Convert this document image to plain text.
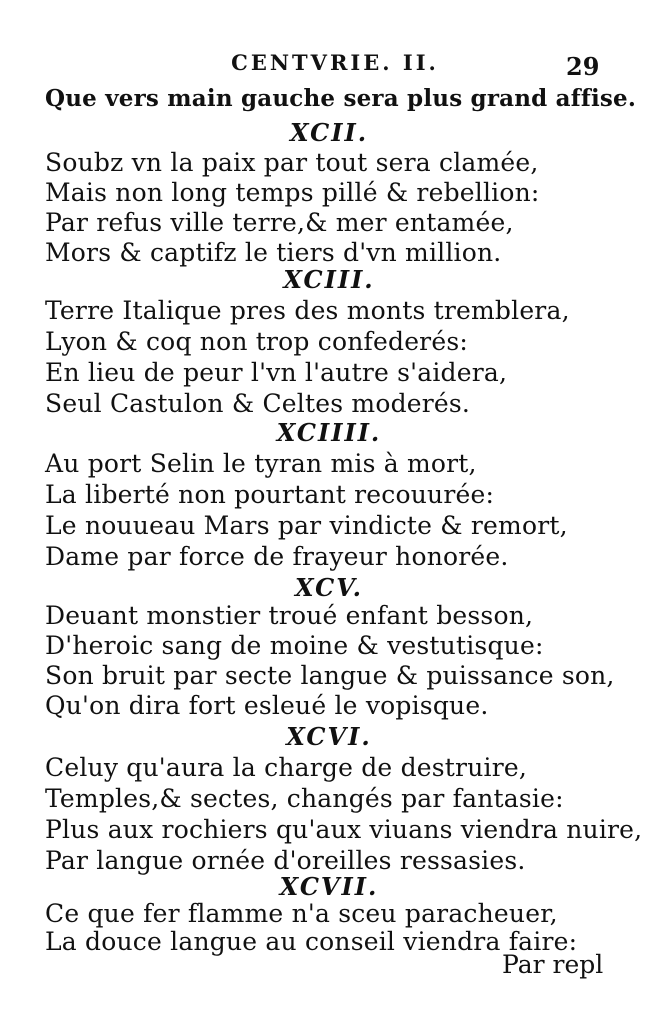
CENTVRIE. II.	29
Que vers main gauche sera plus grand affise.
XCII.
Soubz vn la paix par tout sera clamée,
Mais non long temps pillé & rebellion:
Par refus ville terre,& mer entamée,
Mors & captifz le tiers d'vn million.
XCIII.
Terre Italique pres des monts tremblera,
Lyon & coq non trop confederés:
En lieu de peur l'vn l'autre s'aidera,
Seul Castulon & Celtes moderés.
XCIIII.
Au port Selin le tyran mis à mort,
La liberté non pourtant recouurée:
Le nouueau Mars par vindicte & remort,
Dame par force de frayeur honorée.
XCV.
Deuant monstier troué enfant besson,
D'heroic sang de moine & vestutisque:
Son bruit par secte langue & puissance son,
Qu'on dira fort esleué le vopisque.
XCVI.
Celuy qu'aura la charge de destruire,
Temples,& sectes, changés par fantasie:
Plus aux rochiers qu'aux viuans viendra nuire,
Par langue ornée d'oreilles ressasies.
XCVII.
Ce que fer flamme n'a sceu paracheuer,
La douce langue au conseil viendra faire:
Par repl
